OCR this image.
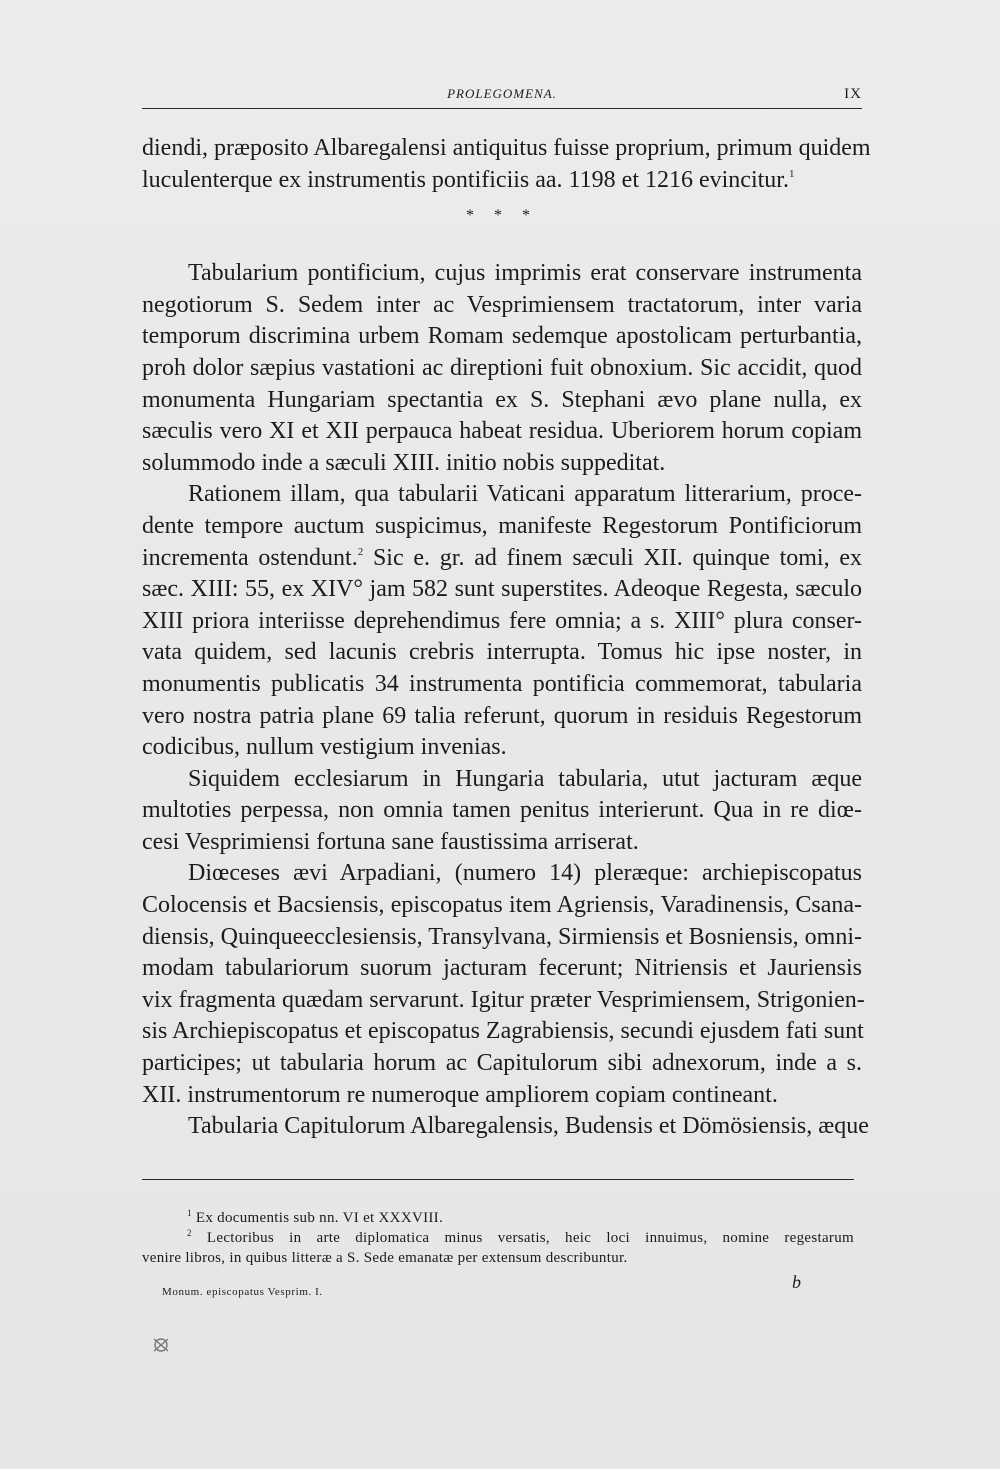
PROLEGOMENA.	IX
diendi, præposito Albaregalensi antiquitus fuisse proprium, primum quidem
luculenterque ex instrumentis pontificiis aa. 1198 et 1216 evincitur.$^1$
* * *
Tabularium pontificium, cujus imprimis erat conservare instrumenta
negotiorum S. Sedem inter ac Vesprimiensem tractatorum, inter varia
temporum discrimina urbem Romam sedemque apostolicam perturbantia,
proh dolor sæpius vastationi ac direptioni fuit obnoxium. Sic accidit, quod
monumenta Hungariam spectantia ex S. Stephani ævo plane nulla, ex
sæculis vero XI et XII perpauca habeat residua. Uberiorem horum copiam
solummodo inde a sæculi XIII. initio nobis suppeditat.
Rationem illam, qua tabularii Vaticani apparatum litterarium, proce-
dente tempore auctum suspicimus, manifeste Regestorum Pontificiorum
incrementa ostendunt.$^2$ Sic e. gr. ad finem sæculi XII. quinque tomi, ex
sæc. XIII: 55, ex XIV° jam 582 sunt superstites. Adeoque Regesta, sæculo
XIII priora interiisse deprehendimus fere omnia; a s. XIII° plura conser-
vata quidem, sed lacunis crebris interrupta. Tomus hic ipse noster, in
monumentis publicatis 34 instrumenta pontificia commemorat, tabularia
vero nostra patria plane 69 talia referunt, quorum in residuis Regestorum
codicibus, nullum vestigium invenias.
Siquidem ecclesiarum in Hungaria tabularia, utut jacturam æque
multoties perpessa, non omnia tamen penitus interierunt. Qua in re diœ-
cesi Vesprimiensi fortuna sane faustissima arriserat.
Diœceses ævi Arpadiani, (numero 14) pleræque: archiepiscopatus
Colocensis et Bacsiensis, episcopatus item Agriensis, Varadinensis, Csana-
diensis, Quinqueecclesiensis, Transylvana, Sirmiensis et Bosniensis, omni-
modam tabulariorum suorum jacturam fecerunt; Nitriensis et Jauriensis
vix fragmenta quædam servarunt. Igitur præter Vesprimiensem, Strigonien-
sis Archiepiscopatus et episcopatus Zagrabiensis, secundi ejusdem fati sunt
participes; ut tabularia horum ac Capitulorum sibi adnexorum, inde a s.
XII. instrumentorum re numeroque ampliorem copiam contineant.
Tabularia Capitulorum Albaregalensis, Budensis et Dömösiensis, æque
$^1$ Ex documentis sub nn. VI et XXXVIII.
$^2$ Lectoribus in arte diplomatica minus versatis, heic loci innuimus, nomine regestarum
venire libros, in quibus litteræ a S. Sede emanatæ per extensum describuntur.
Monum. episcopatus Vesprim. I.	b
